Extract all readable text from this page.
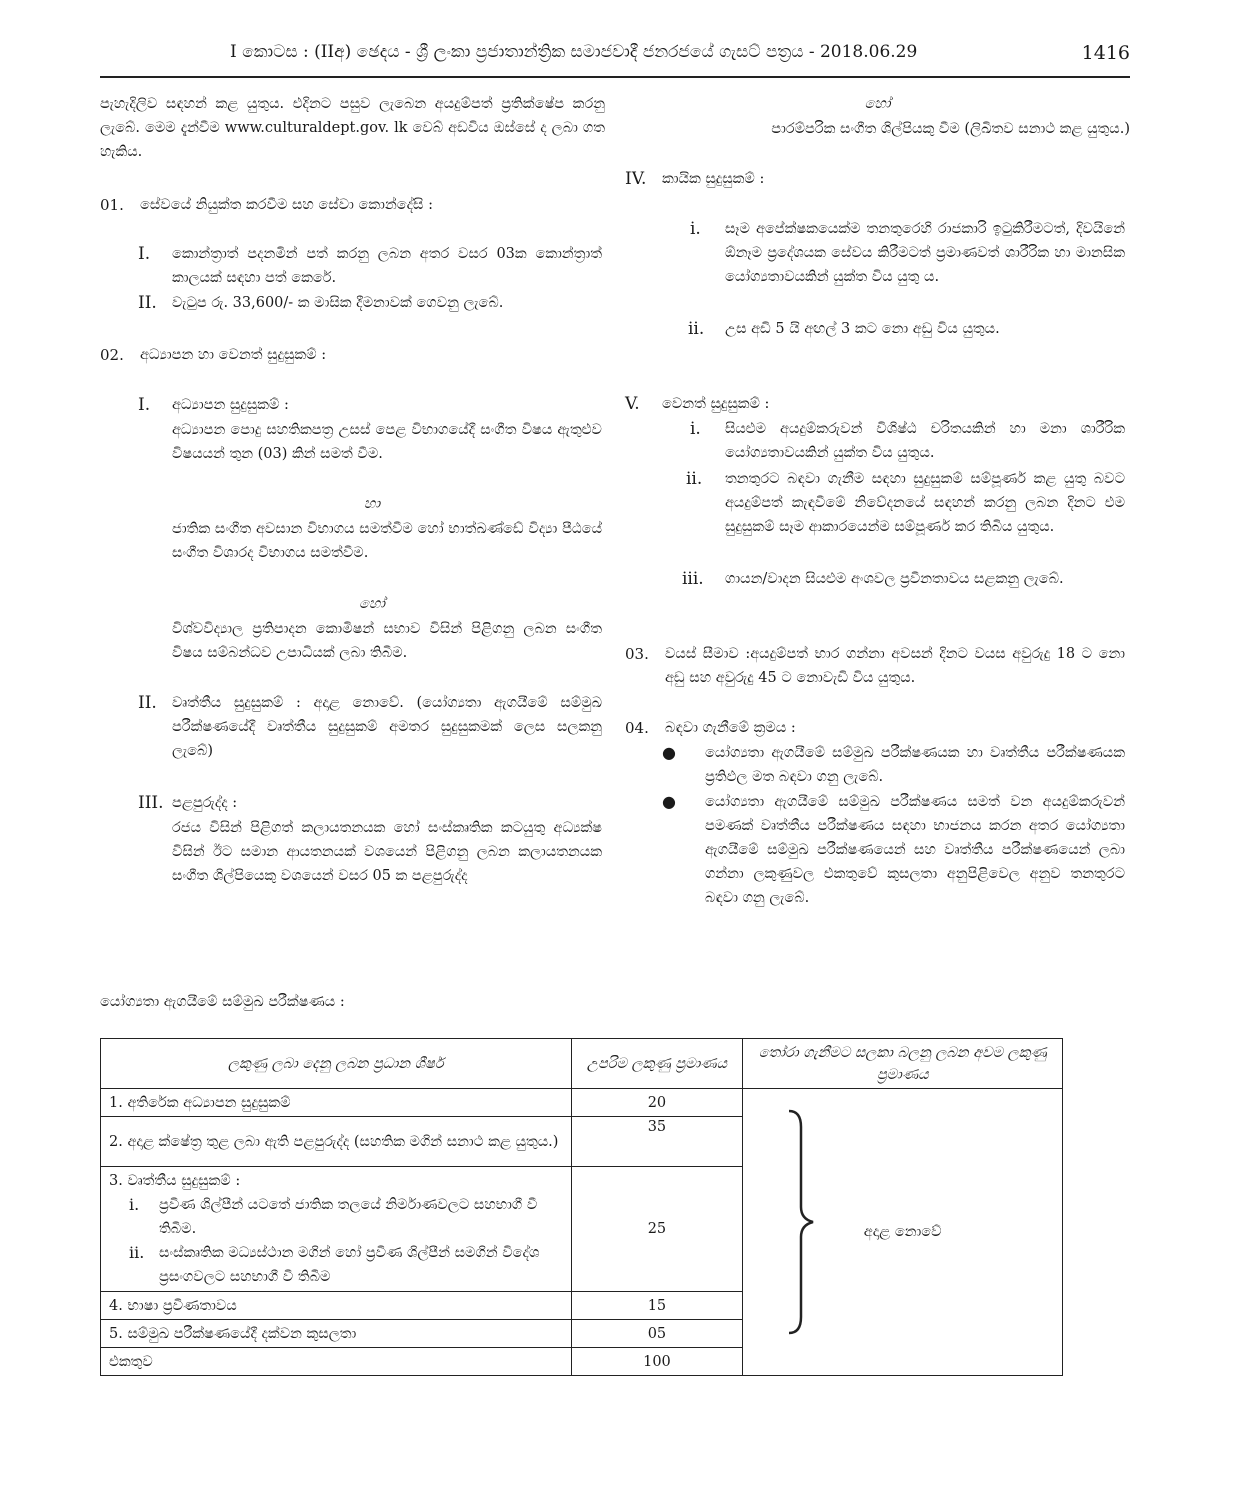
I කොටස : (IIඅ) ඡෙදය - ශ්‍රී ලංකා ප්‍රජාතාන්ත්‍රික සමාජවාදී ජනරජයේ ගැසට් පත්‍රය - 2018.06.29	1416
පැහැදිලිව සඳහන් කළ යුතුය. එදිනට පසුව ලැබෙන අයදුම්පත් ප්‍රතික්ෂේප කරනු ලැබේ. මෙම දැන්වීම www.culturaldept.gov. lk වෙබ් අඩවිය ඔස්සේ ද ලබා ගත හැකිය.
01. සේවයේ නියුක්ත කරවීම සහ සේවා කොන්දේසි :
I. කොන්ත්‍රාත් පදනමින් පත් කරනු ලබන අතර වසර 03ක කොන්ත්‍රාත් කාලයක් සඳහා පත් කෙරේ.
II. වැටුප රු. 33,600/- ක මාසික දීමනාවක් ගෙවනු ලැබේ.
02. අධ්‍යාපන හා වෙනත් සුදුසුකම් :
I. අධ්‍යාපන සුදුසුකම් :
අධ්‍යාපන පොදු සහතිකපත්‍ර උසස් පෙළ විභාගයේදී සංගීත විෂය ඇතුළුව විෂයයන් තුන (03) කින් සමත් වීම.
හා
ජාතික සංගීත අවසාන විභාගය සමත්වීම හෝ භාත්ඛණ්ඩේ විද්‍යා පීඨයේ සංගීත විශාරද විභාගය සමත්වීම.
හෝ
විශ්වවිද්‍යාල ප්‍රතිපාදන කොමිෂන් සභාව විසින් පිළිගනු ලබන සංගීත විෂය සම්බන්ධව උපාධියක් ලබා තිබීම.
II. වෘත්තීය සුදුසුකම් : අදාළ නොවේ. (යෝග්‍යතා ඇගයීමේ සම්මුඛ පරීක්ෂණයේදී වෘත්තීය සුදුසුකම් අමතර සුදුසුකමක් ලෙස සලකනු ලැබේ)
III. පළපුරුද්ද :
රජය විසින් පිළිගත් කලායතනයක හෝ සංස්කෘතික කටයුතු අධ්‍යක්ෂ විසින් ඊට සමාන ආයතනයක් වශයෙන් පිළිගනු ලබන කලායතනයක සංගීත ශිල්පියෙකු වශයෙන් වසර 05 ක පළපුරුද්ද
හෝ
පාරම්පරික සංගීත ශිල්පියකු වීම (ලිඛිතව සනාථ කළ යුතුය.)
IV. කායික සුදුසුකම් :
i. සෑම අපේක්ෂකයෙක්ම තනතුරෙහි රාජකාරි ඉටුකිරීමටත්, දිවයිනේ ඕනෑම ප්‍රදේශයක සේවය කිරීමටත් ප්‍රමාණවත් ශාරීරික හා මානසික යෝග්‍යතාවයකින් යුක්ත විය යුතු ය.
ii. උස අඩි 5 යි අඟල් 3 කට නො අඩු විය යුතුය.
V. වෙනත් සුදුසුකම් :
i. සියළුම අයදුම්කරුවන් විශිෂ්ඨ චරිතයකින් හා මනා ශාරීරික යෝග්‍යතාවයකින් යුක්ත විය යුතුය.
ii. තනතුරට බඳවා ගැනීම සඳහා සුදුසුකම් සම්පූර්ණ කළ යුතු බවට අයදුම්පත් කැඳවීමේ නිවේදනයේ සඳහන් කරනු ලබන දිනට එම සුදුසුකම් සෑම ආකාරයෙන්ම සම්පූර්ණ කර තිබිය යුතුය.
iii. ගායන/වාදන සියළුම අංශවල ප්‍රවීනතාවය සළකනු ලැබේ.
03. වයස් සීමාව :අයදුම්පත් භාර ගන්නා අවසන් දිනට වයස අවුරුදු 18 ට නො අඩු සහ අවුරුදු 45 ට නොවැඩි විය යුතුය.
04. බඳවා ගැනීමේ ක්‍රමය :
● යෝග්‍යතා ඇගයීමේ සම්මුඛ පරීක්ෂණයක හා වෘත්තීය පරීක්ෂණයක ප්‍රතිඵල මත බඳවා ගනු ලැබේ.
● යෝග්‍යතා ඇගයීමේ සම්මුඛ පරීක්ෂණය සමත් වන අයදුම්කරුවන් පමණක් වෘත්තීය පරීක්ෂණය සඳහා භාජනය කරන අතර යෝග්‍යතා ඇගයීමේ සම්මුඛ පරීක්ෂණයෙන් සහ වෘත්තීය පරීක්ෂණයෙන් ලබා ගන්නා ලකුණුවල එකතුවේ කුසලතා අනුපිළිවෙල අනුව තනතුරට බඳවා ගනු ලැබේ.
යෝග්‍යතා ඇගයීමේ සම්මුඛ පරීක්ෂණය :
ලකුණු ලබා දෙනු ලබන ප්‍රධාන ශීර්ෂ	උපරිම ලකුණු ප්‍රමාණය	තෝරා ගැනීමට සලකා බලනු ලබන අවම ලකුණු ප්‍රමාණය
1. අතිරේක අධ්‍යාපන සුදුසුකම්	20	අදාළ නොවේ
2. අදාළ ක්ෂේත්‍ර තුළ ලබා ඇති පළපුරුද්ද (සහතික මගින් සනාථ කළ යුතුය.)	35	

3. වෘත්තීය සුදුසුකම් :
i. ප්‍රවීණ ශිල්පීන් යටතේ ජාතික තලයේ නිර්මාණවලට සහභාගී වී තිබීම.
ii. සංස්කෘතික මධ්‍යස්ථාන මගින් හෝ ප්‍රවීණ ශිල්පීන් සමගින් විදේශ ප්‍රසංගවලට සහභාගී වී තිබීම	25	
4. භාෂා ප්‍රවීණතාවය	15	
5. සම්මුඛ පරීක්ෂණයේදී දක්වන කුසලතා	05	
එකතුව	100	
